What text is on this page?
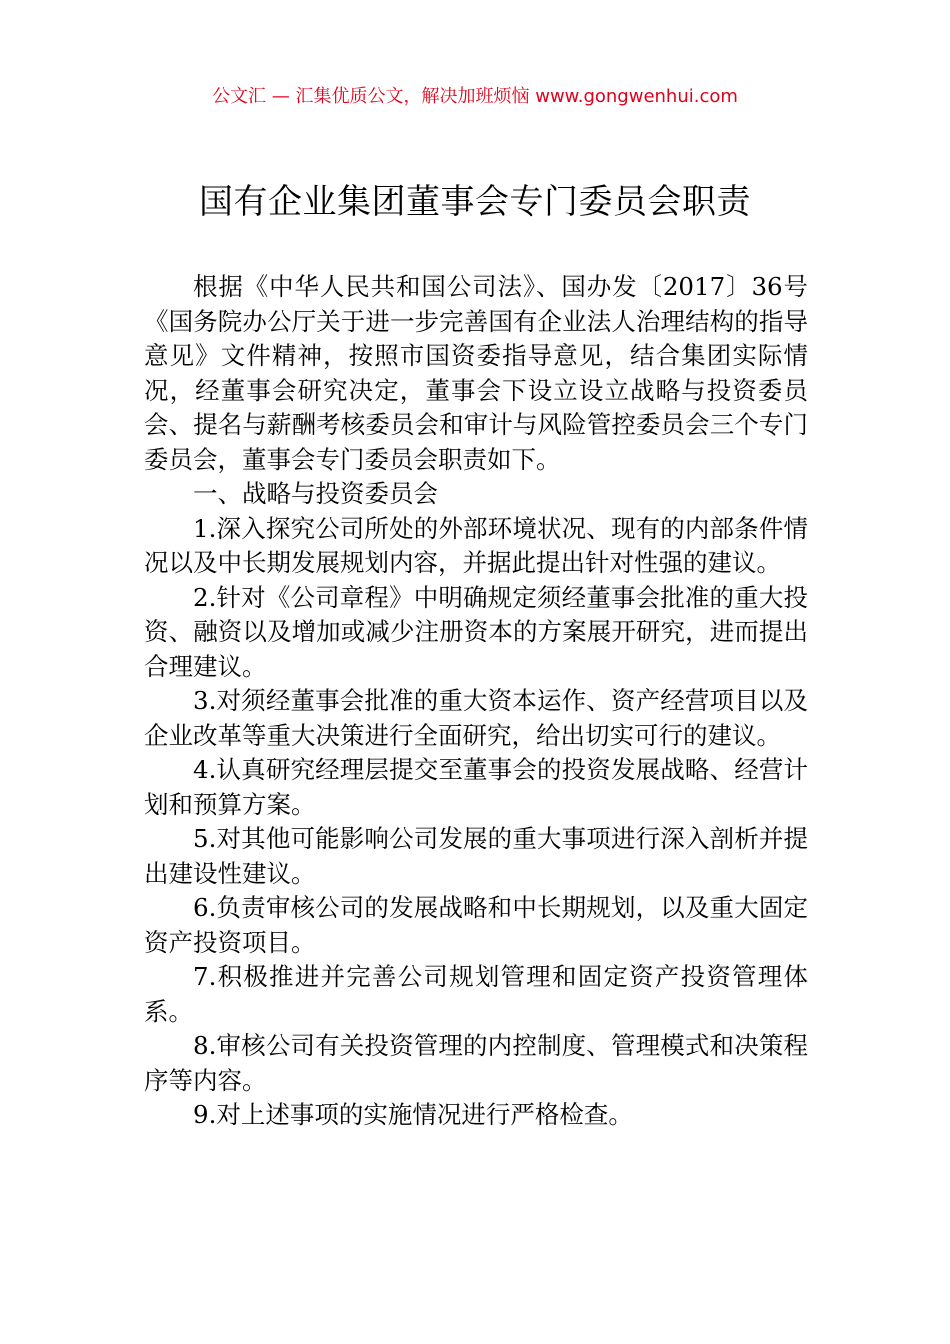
公文汇 — 汇集优质公文，解决加班烦恼 www.gongwenhui.com
国有企业集团董事会专门委员会职责

根据《中华人民共和国公司法》、国办发〔2017〕36号《国务院办公厅关于进一步完善国有企业法人治理结构的指导意见》文件精神，按照市国资委指导意见，结合集团实际情况，经董事会研究决定，董事会下设立设立战略与投资委员会、提名与薪酬考核委员会和审计与风险管控委员会三个专门委员会，董事会专门委员会职责如下。

一、战略与投资委员会

1.深入探究公司所处的外部环境状况、现有的内部条件情况以及中长期发展规划内容，并据此提出针对性强的建议。

2.针对《公司章程》中明确规定须经董事会批准的重大投资、融资以及增加或减少注册资本的方案展开研究，进而提出合理建议。

3.对须经董事会批准的重大资本运作、资产经营项目以及企业改革等重大决策进行全面研究，给出切实可行的建议。

4.认真研究经理层提交至董事会的投资发展战略、经营计划和预算方案。

5.对其他可能影响公司发展的重大事项进行深入剖析并提出建设性建议。

6.负责审核公司的发展战略和中长期规划，以及重大固定资产投资项目。

7.积极推进并完善公司规划管理和固定资产投资管理体系。

8.审核公司有关投资管理的内控制度、管理模式和决策程序等内容。

9.对上述事项的实施情况进行严格检查。
